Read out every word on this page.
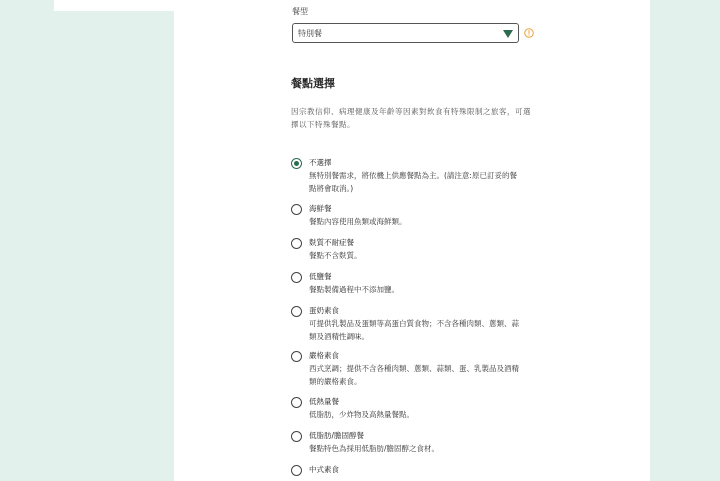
餐型
特別餐
餐點選擇
因宗教信仰、病理健康及年齡等因素對飲食有特殊限制之旅客，可選擇以下特殊餐點。
不選擇
無特別餐需求，將依機上供應餐點為主。(請注意:原已訂妥的餐點將會取消。)
海鮮餐
餐點內容使用魚類或海鮮類。
麩質不耐症餐
餐點不含麩質。
低鹽餐
餐點製備過程中不添加鹽。
蛋奶素食
可提供乳製品及蛋類等高蛋白質食物；不含各種肉類、蔥類、蒜類及酒精性調味。
嚴格素食
西式烹調；提供不含各種肉類、蔥類、蒜類、蛋、乳製品及酒精類的嚴格素食。
低熱量餐
低脂肪，少炸物及高熱量餐點。
低脂肪/膽固醇餐
餐點特色為採用低脂肪/膽固醇之食材。
中式素食
